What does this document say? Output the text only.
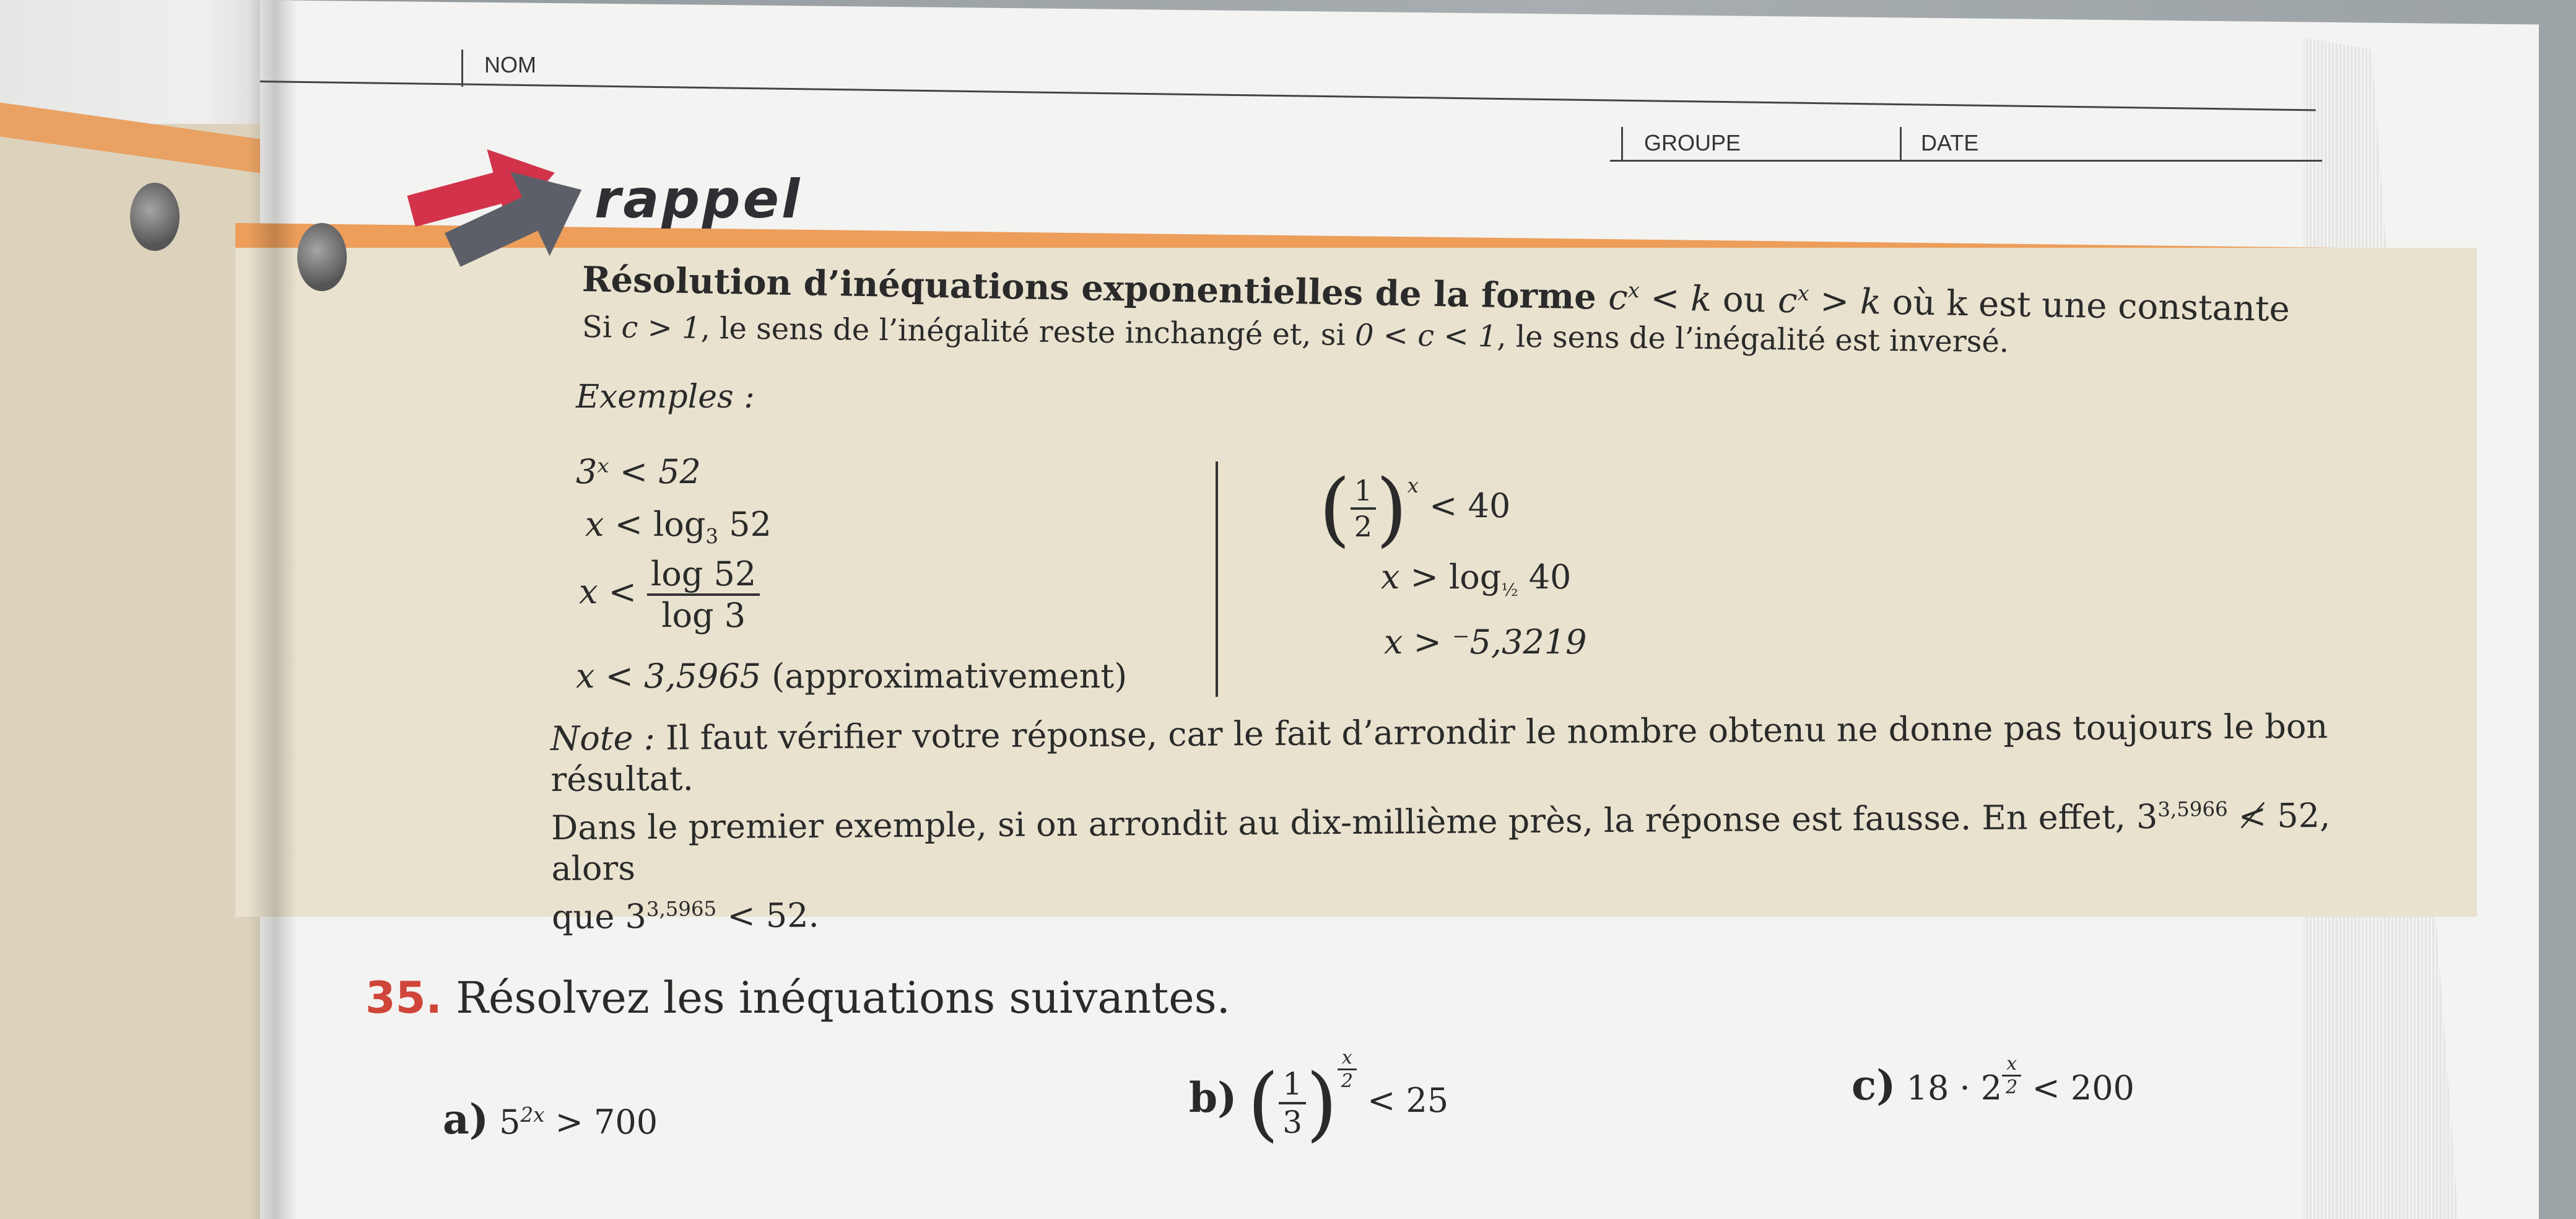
NOM
GROUPE	DATE
rappel
Résolution d’inéquations exponentielles de la forme $c^x < k$ ou $c^x > k$ où k est une constante
Si c > 1, le sens de l’inégalité reste inchangé et, si 0 < c < 1, le sens de l’inégalité est inversé.
Exemples :
3ˣ < 52
$x < \log_3 52$
$x < \frac{\log 52}{\log 3}$
x < 3,5965 (approximativement)
( $\frac{1}{2} )^x < 40$
$x > \log_{\frac{1}{2}} 40$
x > ⁻5,3219
Note : Il faut vérifier votre réponse, car le fait d’arrondir le nombre obtenu ne donne pas toujours le bon résultat.
Dans le premier exemple, si on arrondit au dix-millième près, la réponse est fausse. En effet, $3^{3,5966}$ ≮ 52, alors
que $3^{3,5965} < 52$.
35. Résolvez les inéquations suivantes.
a) $5^{2x} > 700$
b) ( $\frac{1}{3}$ ) $^{\frac{x}{2}}$
< 25	c) 18 · 2 $^{\frac{x}{2}}$ < 200
